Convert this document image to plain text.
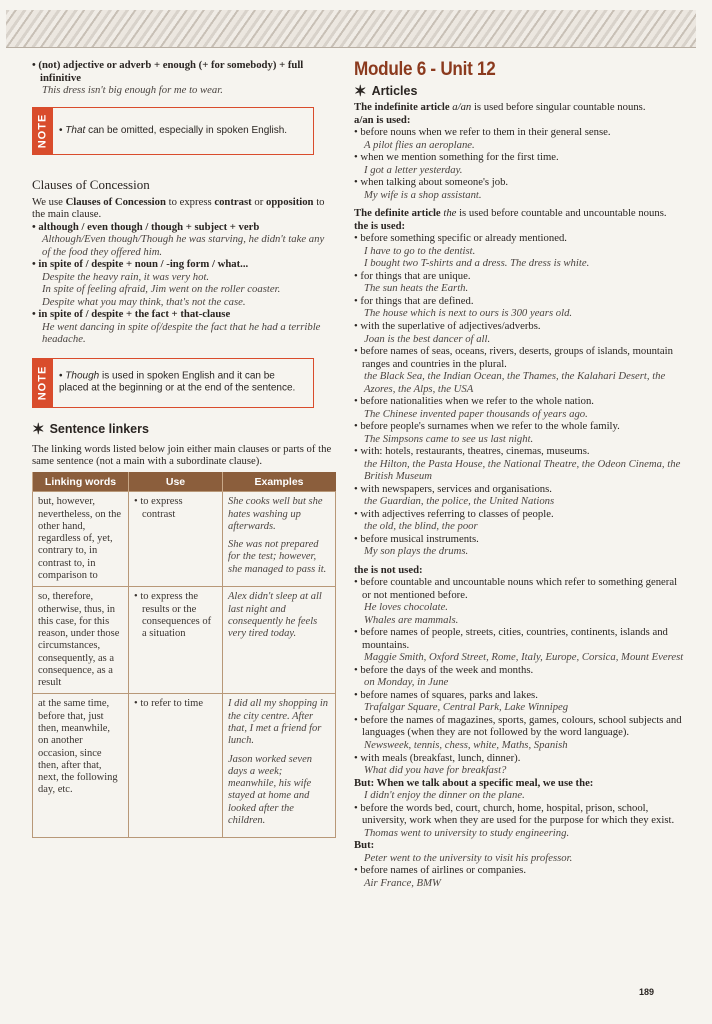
• (not) adjective or adverb + enough (+ for somebody) + full infinitive
This dress isn't big enough for me to wear.
NOTE	• That can be omitted, especially in spoken English.
Clauses of Concession

We use Clauses of Concession to express contrast or opposition to the main clause.

• although / even though / though + subject + verb
Although/Even though/Though he was starving, he didn't take any of the food they offered him.
• in spite of / despite + noun / -ing form / what...
Despite the heavy rain, it was very hot.
In spite of feeling afraid, Jim went on the roller coaster.
Despite what you may think, that's not the case.
• in spite of / despite + the fact + that-clause
He went dancing in spite of/despite the fact that he had a terrible headache.
NOTE	• Though is used in spoken English and it can be placed at the beginning or at the end of the sentence.
✶ Sentence linkers

The linking words listed below join either main clauses or parts of the same sentence (not a main with a subordinate clause).

Linking words	Use	Examples
but, however, nevertheless, on the other hand, regardless of, yet, contrary to, in contrast to, in comparison to	• to express contrast	She cooks well but she hates washing up afterwards.
She was not prepared for the test; however, she managed to pass it.

so, therefore, otherwise, thus, in this case, for this reason, under those circumstances, consequently, as a consequence, as a result	• to express the results or the consequences of a situation	Alex didn't sleep at all last night and consequently he feels very tired today.

at the same time, before that, just then, meanwhile, on another occasion, since then, after that, next, the following day, etc.	• to refer to time	I did all my shopping in the city centre. After that, I met a friend for lunch.
Jason worked seven days a week; meanwhile, his wife stayed at home and looked after the children.
Module 6 - Unit 12
✶ Articles

The indefinite article a/an is used before singular countable nouns.

a/an is used:

• before nouns when we refer to them in their general sense.
A pilot flies an aeroplane.
• when we mention something for the first time.
I got a letter yesterday.
• when talking about someone's job.
My wife is a shop assistant.

The definite article the is used before countable and uncountable nouns.

the is used:

• before something specific or already mentioned.
I have to go to the dentist.
I bought two T-shirts and a dress. The dress is white.
• for things that are unique.
The sun heats the Earth.
• for things that are defined.
The house which is next to ours is 300 years old.
• with the superlative of adjectives/adverbs.
Joan is the best dancer of all.
• before names of seas, oceans, rivers, deserts, groups of islands, mountain ranges and countries in the plural.
the Black Sea, the Indian Ocean, the Thames, the Kalahari Desert, the Azores, the Alps, the USA
• before nationalities when we refer to the whole nation.
The Chinese invented paper thousands of years ago.
• before people's surnames when we refer to the whole family.
The Simpsons came to see us last night.
• with: hotels, restaurants, theatres, cinemas, museums.
the Hilton, the Pasta House, the National Theatre, the Odeon Cinema, the British Museum
• with newspapers, services and organisations.
the Guardian, the police, the United Nations
• with adjectives referring to classes of people.
the old, the blind, the poor
• before musical instruments.
My son plays the drums.

the is not used:

• before countable and uncountable nouns which refer to something general or not mentioned before.
He loves chocolate.
Whales are mammals.
• before names of people, streets, cities, countries, continents, islands and mountains.
Maggie Smith, Oxford Street, Rome, Italy, Europe, Corsica, Mount Everest
• before the days of the week and months.
on Monday, in June
• before names of squares, parks and lakes.
Trafalgar Square, Central Park, Lake Winnipeg
• before the names of magazines, sports, games, colours, school subjects and languages (when they are not followed by the word language).
Newsweek, tennis, chess, white, Maths, Spanish
• with meals (breakfast, lunch, dinner).
What did you have for breakfast?
But: When we talk about a specific meal, we use the:
I didn't enjoy the dinner on the plane.
• before the words bed, court, church, home, hospital, prison, school, university, work when they are used for the purpose for which they exist.
Thomas went to university to study engineering.
But:
Peter went to the university to visit his professor.
• before names of airlines or companies.
Air France, BMW
189
